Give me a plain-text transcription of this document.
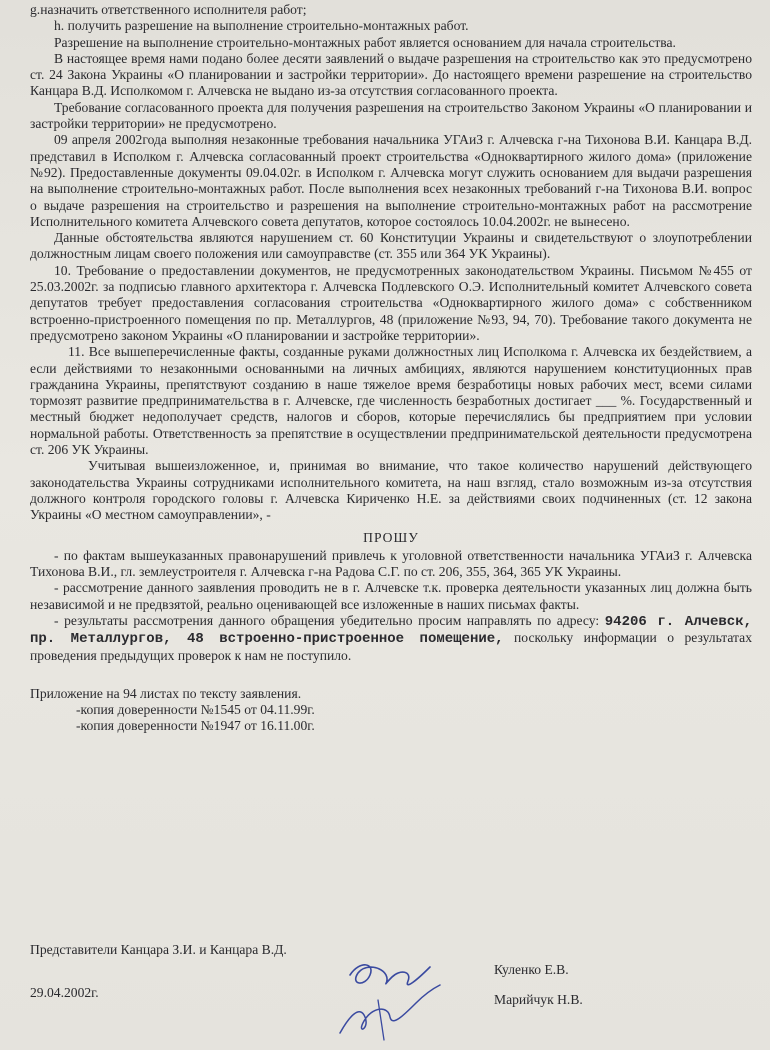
g.назначить ответственного исполнителя работ;

h. получить разрешение на выполнение строительно-монтажных работ.

Разрешение на выполнение строительно-монтажных работ является основанием для начала строительства.

В настоящее время нами подано более десяти заявлений о выдаче разрешения на строительство как это предусмотрено ст. 24 Закона Украины «О планировании и застройки территории». До настоящего времени разрешение на строительство Канцара В.Д. Исполкомом г. Алчевска не выдано из-за отсутствия согласованного проекта.

Требование согласованного проекта для получения разрешения на строительство Законом Украины «О планировании и застройки территории» не предусмотрено.

09 апреля 2002года выполняя незаконные требования начальника УГАиЗ г. Алчевска г-на Тихонова В.И. Канцара В.Д. представил в Исполком г. Алчевска согласованный проект строительства «Одноквартирного жилого дома» (приложение №92). Предоставленные документы 09.04.02г. в Исполком г. Алчевска могут служить основанием для выдачи разрешения на выполнение строительно-монтажных работ. После выполнения всех незаконных требований г-на Тихонова В.И. вопрос о выдаче разрешения на строительство и разрешения на выполнение строительно-монтажных работ на рассмотрение Исполнительного комитета Алчевского совета депутатов, которое состоялось 10.04.2002г. не вынесено.

Данные обстоятельства являются нарушением ст. 60 Конституции Украины и свидетельствуют о злоупотреблении должностным лицам своего положения или самоуправстве (ст. 355 или 364 УК Украины).

10. Требование о предоставлении документов, не предусмотренных законодательством Украины. Письмом №455 от 25.03.2002г. за подписью главного архитектора г. Алчевска Подлевского О.Э. Исполнительный комитет Алчевского совета депутатов требует предоставления согласования строительства «Одноквартирного жилого дома» с собственником встроенно-пристроенного помещения по пр. Металлургов, 48 (приложение №93, 94, 70). Требование такого документа не предусмотрено законом Украины «О планировании и застройке территории».

11. Все вышеперечисленные факты, созданные руками должностных лиц Исполкома г. Алчевска их бездействием, а если действиями то незаконными основанными на личных амбициях, являются нарушением конституционных прав гражданина Украины, препятствуют созданию в наше тяжелое время безработицы новых рабочих мест, всеми силами тормозят развитие предпринимательства в г. Алчевске, где численность безработных достигает ___ %. Государственный и местный бюджет недополучает средств, налогов и сборов, которые перечислялись бы предприятием при условии нормальной работы. Ответственность за препятствие в осуществлении предпринимательской деятельности предусмотрена ст. 206 УК Украины.

Учитывая вышеизложенное, и, принимая во внимание, что такое количество нарушений действующего законодательства Украины сотрудниками исполнительного комитета, на наш взгляд, стало возможным из-за отсутствия должного контроля городского головы г. Алчевска Кириченко Н.Е. за действиями своих подчиненных (ст. 12 закона Украины «О местном самоуправлении», -

ПРОШУ

- по фактам вышеуказанных правонарушений привлечь к уголовной ответственности начальника УГАиЗ г. Алчевска Тихонова В.И., гл. землеустроителя г. Алчевска г-на Радова С.Г. по ст. 206, 355, 364, 365 УК Украины.

- рассмотрение данного заявления проводить не в г. Алчевске т.к. проверка деятельности указанных лиц должна быть независимой и не предвзятой, реально оценивающей все изложенные в наших письмах факты.

- результаты рассмотрения данного обращения убедительно просим направлять по адресу: 94206 г. Алчевск, пр. Металлургов, 48 встроенно-пристроенное помещение, поскольку информации о результатах проведения предыдущих проверок к нам не поступило.

Приложение на 94 листах по тексту заявления.

-копия доверенности №1545 от 04.11.99г.

-копия доверенности №1947 от 16.11.00г.

Представители Канцара З.И. и Канцара В.Д.
29.04.2002г.
Куленко Е.В.
Марийчук Н.В.
